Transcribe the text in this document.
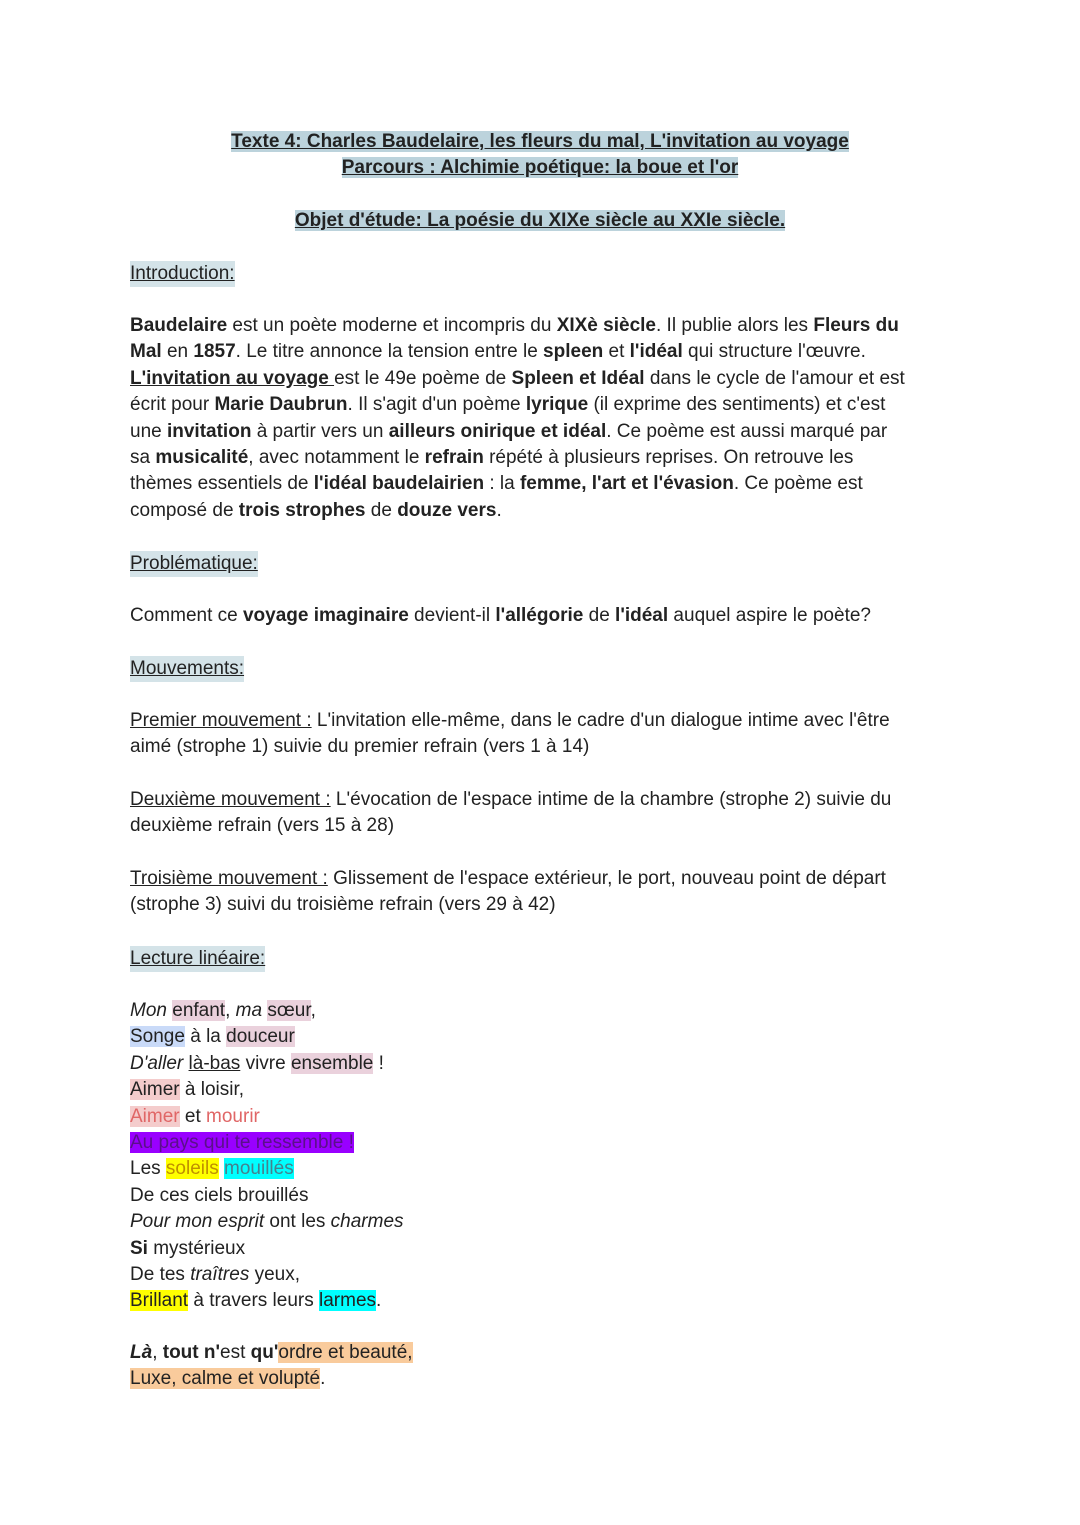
Texte 4: Charles Baudelaire, les fleurs du mal, L'invitation au voyage
Parcours : Alchimie poétique: la boue et l'or
Objet d'étude: La poésie du XIXe siècle au XXIe siècle.
Introduction:
Baudelaire est un poète moderne et incompris du XIXè siècle. Il publie alors les Fleurs du
Mal en 1857. Le titre annonce la tension entre le spleen et l'idéal qui structure l'œuvre.
L'invitation au voyage est le 49e poème de Spleen et Idéal dans le cycle de l'amour et est
écrit pour Marie Daubrun. Il s'agit d'un poème lyrique (il exprime des sentiments) et c'est
une invitation à partir vers un ailleurs onirique et idéal. Ce poème est aussi marqué par
sa musicalité, avec notamment le refrain répété à plusieurs reprises. On retrouve les
thèmes essentiels de l'idéal baudelairien : la femme, l'art et l'évasion. Ce poème est
composé de trois strophes de douze vers.
Problématique:
Comment ce voyage imaginaire devient-il l'allégorie de l'idéal auquel aspire le poète?
Mouvements:
Premier mouvement : L'invitation elle-même, dans le cadre d'un dialogue intime avec l'être
aimé (strophe 1) suivie du premier refrain (vers 1 à 14)
Deuxième mouvement : L'évocation de l'espace intime de la chambre (strophe 2) suivie du
deuxième refrain (vers 15 à 28)
Troisième mouvement : Glissement de l'espace extérieur, le port, nouveau point de départ
(strophe 3) suivi du troisième refrain (vers 29 à 42)
Lecture linéaire:
Mon enfant, ma sœur,
Songe à la douceur
D'aller là-bas vivre ensemble !
Aimer à loisir,
Aimer et mourir
Au pays qui te ressemble !
Les soleils mouillés
De ces ciels brouillés
Pour mon esprit ont les charmes
Si mystérieux
De tes traîtres yeux,
Brillant à travers leurs larmes.
Là, tout n'est qu'ordre et beauté,
Luxe, calme et volupté.
